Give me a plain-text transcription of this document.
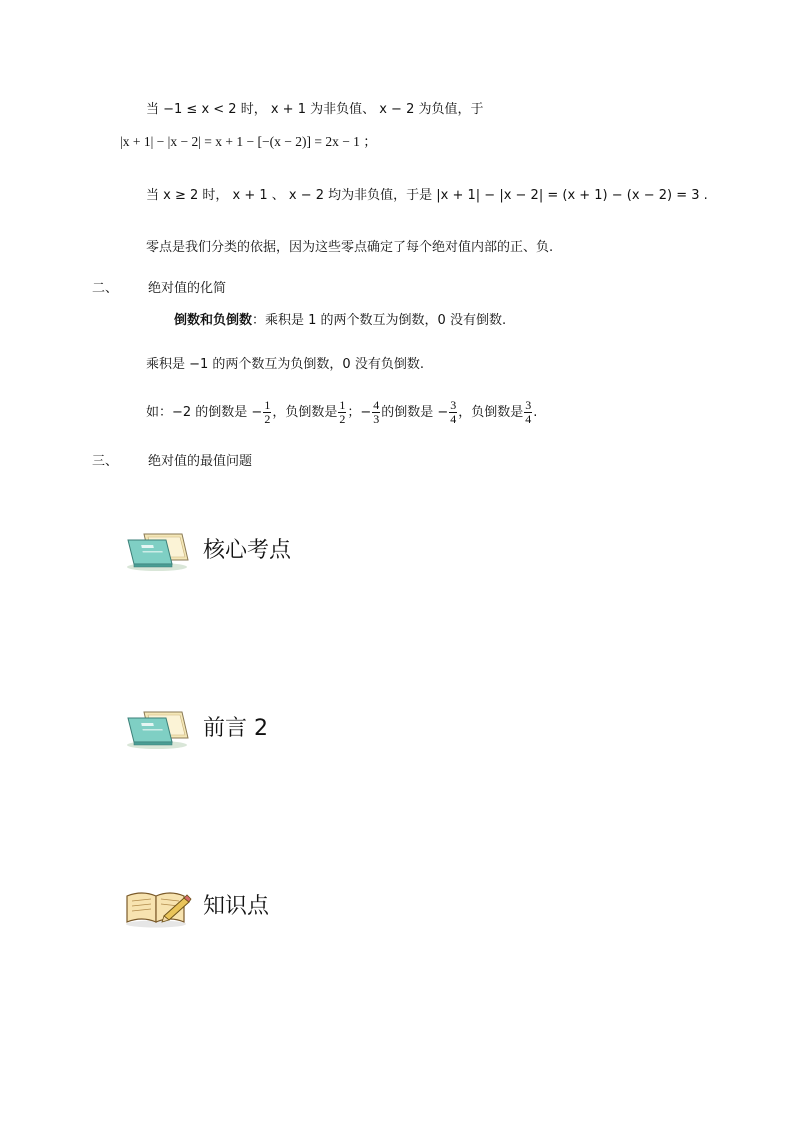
当 −1 ≤ x < 2 时， x + 1 为非负值、 x − 2 为负值，于
|x + 1| − |x − 2| = x + 1 − [−(x − 2)] = 2x − 1 ；
当 x ≥ 2 时， x + 1 、 x − 2 均为非负值，于是 |x + 1| − |x − 2| = (x + 1) − (x − 2) = 3 .
零点是我们分类的依据，因为这些零点确定了每个绝对值内部的正、负.
二、 绝对值的化简
倒数和负倒数：乘积是 1 的两个数互为倒数，0 没有倒数.
乘积是 −1 的两个数互为负倒数，0 没有负倒数.
如：−2 的倒数是 − $\frac{1}{2}$ ，负倒数是 $\frac{1}{2}$ ；− $\frac{4}{3}$ 的倒数是 − $\frac{3}{4}$ ，负倒数是 $\frac{3}{4}$ .
三、 绝对值的最值问题
核心考点
前言 2
知识点
